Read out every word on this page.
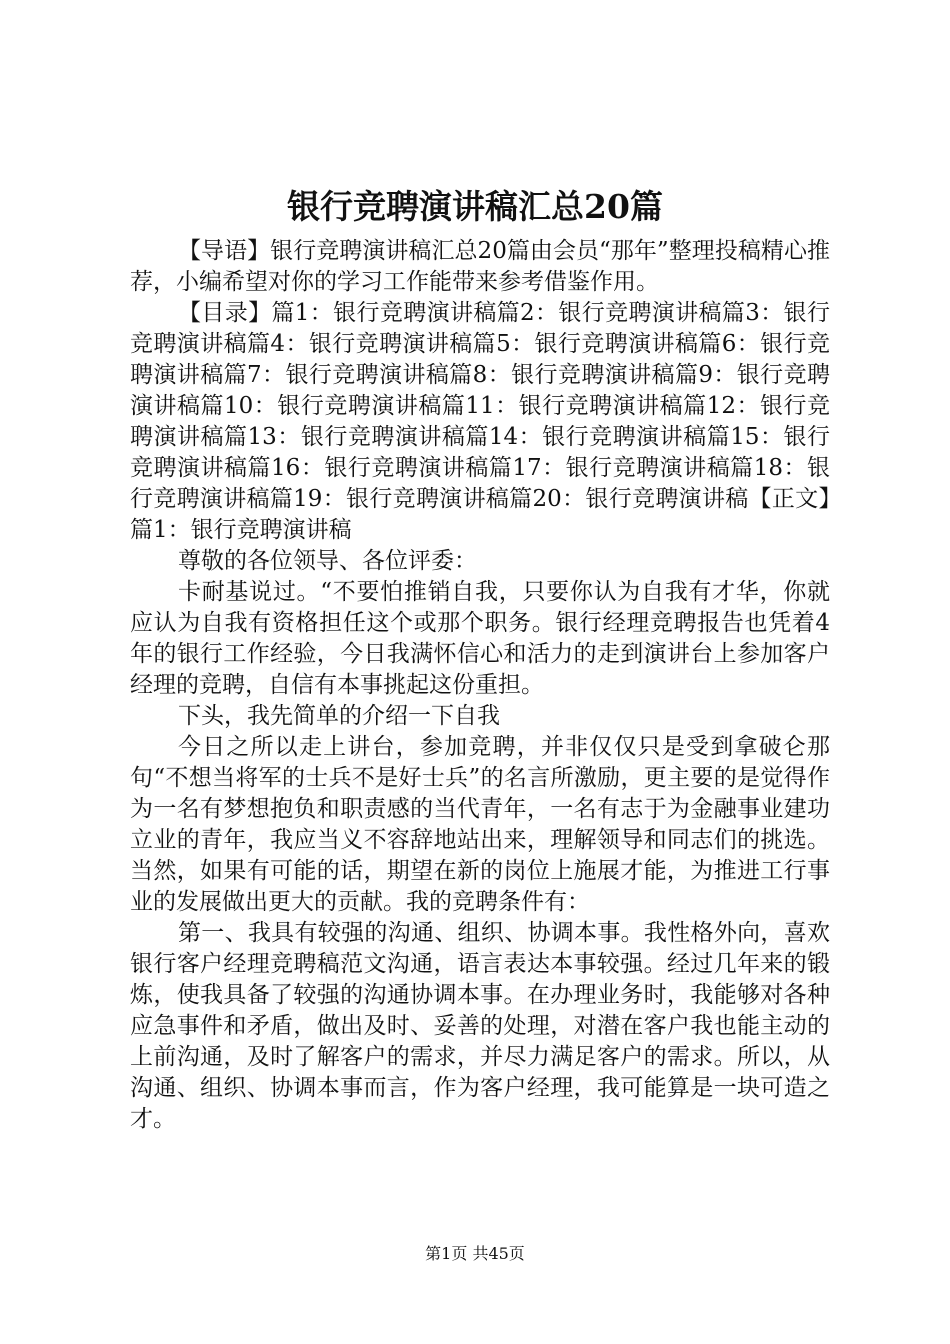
银行竞聘演讲稿汇总20篇

【导语】银行竞聘演讲稿汇总20篇由会员“那年”整理投稿精心推荐，小编希望对你的学习工作能带来参考借鉴作用。

【目录】篇1：银行竞聘演讲稿篇2：银行竞聘演讲稿篇3：银行竞聘演讲稿篇4：银行竞聘演讲稿篇5：银行竞聘演讲稿篇6：银行竞聘演讲稿篇7：银行竞聘演讲稿篇8：银行竞聘演讲稿篇9：银行竞聘演讲稿篇10：银行竞聘演讲稿篇11：银行竞聘演讲稿篇12：银行竞聘演讲稿篇13：银行竞聘演讲稿篇14：银行竞聘演讲稿篇15：银行竞聘演讲稿篇16：银行竞聘演讲稿篇17：银行竞聘演讲稿篇18：银行竞聘演讲稿篇19：银行竞聘演讲稿篇20：银行竞聘演讲稿【正文】篇1：银行竞聘演讲稿

尊敬的各位领导、各位评委：

卡耐基说过。“不要怕推销自我，只要你认为自我有才华，你就应认为自我有资格担任这个或那个职务。银行经理竞聘报告也凭着4年的银行工作经验，今日我满怀信心和活力的走到演讲台上参加客户经理的竞聘，自信有本事挑起这份重担。

下头，我先简单的介绍一下自我

今日之所以走上讲台，参加竞聘，并非仅仅只是受到拿破仑那句“不想当将军的士兵不是好士兵”的名言所激励，更主要的是觉得作为一名有梦想抱负和职责感的当代青年，一名有志于为金融事业建功立业的青年，我应当义不容辞地站出来，理解领导和同志们的挑选。当然，如果有可能的话，期望在新的岗位上施展才能，为推进工行事业的发展做出更大的贡献。我的竞聘条件有：

第一、我具有较强的沟通、组织、协调本事。我性格外向，喜欢银行客户经理竞聘稿范文沟通，语言表达本事较强。经过几年来的锻炼，使我具备了较强的沟通协调本事。在办理业务时，我能够对各种应急事件和矛盾，做出及时、妥善的处理，对潜在客户我也能主动的上前沟通，及时了解客户的需求，并尽力满足客户的需求。所以，从沟通、组织、协调本事而言，作为客户经理，我可能算是一块可造之才。

第1页 共45页
